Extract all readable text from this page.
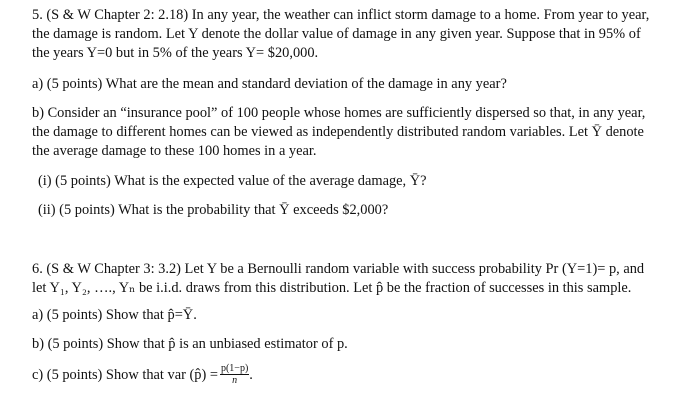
5. (S & W Chapter 2: 2.18) In any year, the weather can inflict storm damage to a home. From year to year,
the damage is random. Let Y denote the dollar value of damage in any given year. Suppose that in 95% of
the years Y=0 but in 5% of the years Y= $20,000.
a) (5 points) What are the mean and standard deviation of the damage in any year?
b) Consider an “insurance pool” of 100 people whose homes are sufficiently dispersed so that, in any year,
the damage to different homes can be viewed as independently distributed random variables. Let Ȳ denote
the average damage to these 100 homes in a year.
(i) (5 points) What is the expected value of the average damage, Ȳ?
(ii) (5 points) What is the probability that Ȳ exceeds $2,000?
6. (S & W Chapter 3: 3.2) Let Y be a Bernoulli random variable with success probability Pr (Y=1)= p, and
let Y₁, Y₂, …., Yₙ be i.i.d. draws from this distribution. Let p̂ be the fraction of successes in this sample.
a) (5 points) Show that p̂=Ȳ.
b) (5 points) Show that p̂ is an unbiased estimator of p.
c) (5 points) Show that var (p̂) = $\frac{p(1-p)}{n}$ .
